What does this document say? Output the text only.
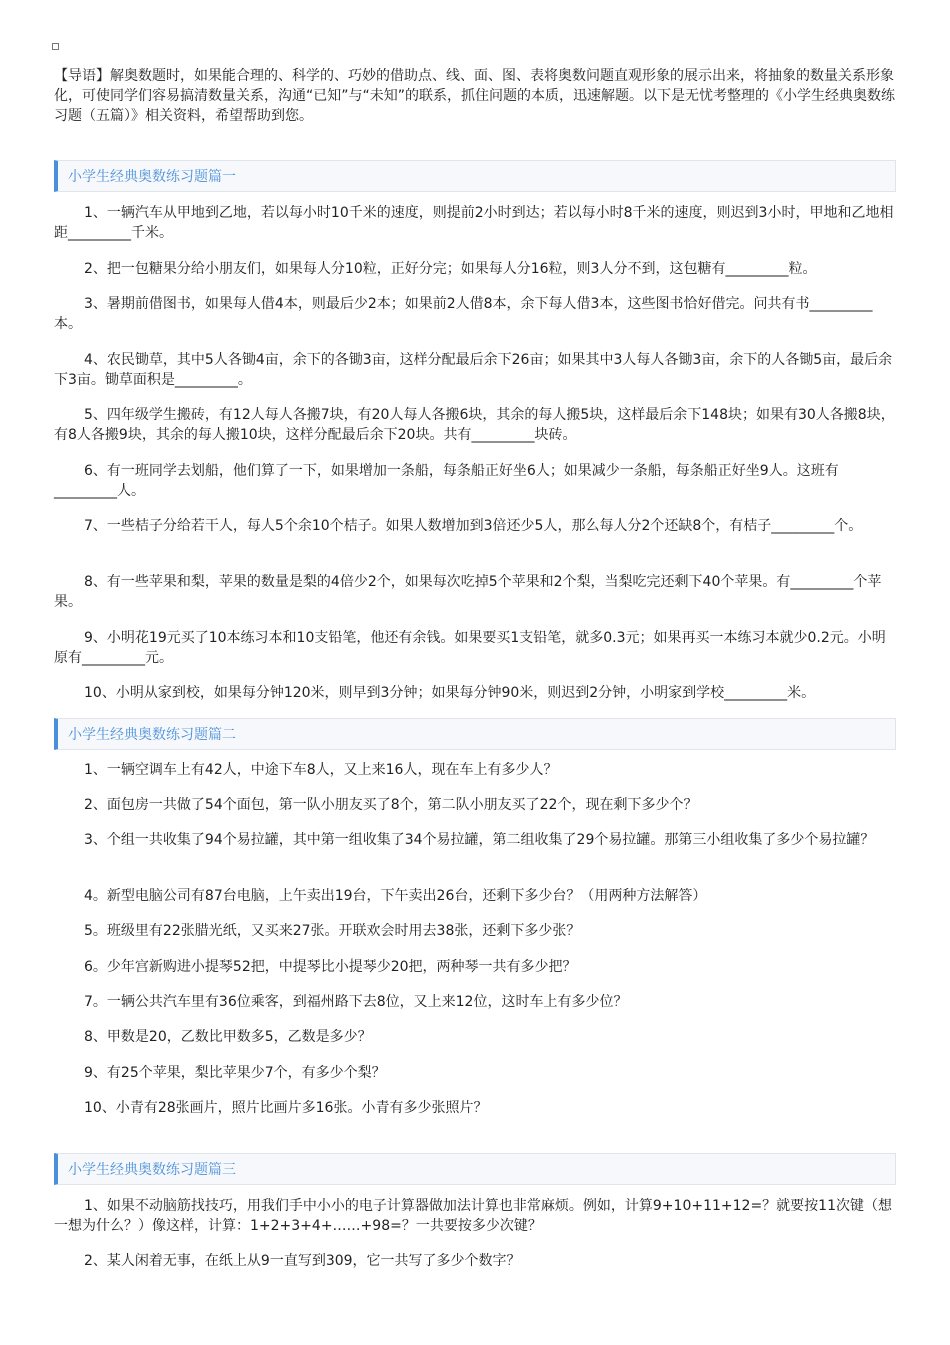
【导语】解奥数题时，如果能合理的、科学的、巧妙的借助点、线、面、图、表将奥数问题直观形象的展示出来，将抽象的数量关系形象化，可使同学们容易搞清数量关系，沟通“已知”与“未知”的联系，抓住问题的本质，迅速解题。以下是无忧考整理的《小学生经典奥数练习题（五篇）》相关资料，希望帮助到您。

小学生经典奥数练习题篇一

1、一辆汽车从甲地到乙地，若以每小时10千米的速度，则提前2小时到达；若以每小时8千米的速度，则迟到3小时，甲地和乙地相距_________千米。

2、把一包糖果分给小朋友们，如果每人分10粒，正好分完；如果每人分16粒，则3人分不到，这包糖有_________粒。

3、暑期前借图书，如果每人借4本，则最后少2本；如果前2人借8本，余下每人借3本，这些图书恰好借完。问共有书_________本。

4、农民锄草，其中5人各锄4亩，余下的各锄3亩，这样分配最后余下26亩；如果其中3人每人各锄3亩，余下的人各锄5亩，最后余下3亩。锄草面积是_________。

5、四年级学生搬砖，有12人每人各搬7块，有20人每人各搬6块，其余的每人搬5块，这样最后余下148块；如果有30人各搬8块，有8人各搬9块，其余的每人搬10块，这样分配最后余下20块。共有_________块砖。

6、有一班同学去划船，他们算了一下，如果增加一条船，每条船正好坐6人；如果减少一条船，每条船正好坐9人。这班有_________人。

7、一些桔子分给若干人，每人5个余10个桔子。如果人数增加到3倍还少5人，那么每人分2个还缺8个，有桔子_________个。

8、有一些苹果和梨，苹果的数量是梨的4倍少2个，如果每次吃掉5个苹果和2个梨，当梨吃完还剩下40个苹果。有_________个苹果。

9、小明花19元买了10本练习本和10支铅笔，他还有余钱。如果要买1支铅笔，就多0.3元；如果再买一本练习本就少0.2元。小明原有_________元。

10、小明从家到校，如果每分钟120米，则早到3分钟；如果每分钟90米，则迟到2分钟，小明家到学校_________米。

小学生经典奥数练习题篇二

1、一辆空调车上有42人，中途下车8人，又上来16人，现在车上有多少人？

2、面包房一共做了54个面包，第一队小朋友买了8个，第二队小朋友买了22个，现在剩下多少个？

3、个组一共收集了94个易拉罐，其中第一组收集了34个易拉罐，第二组收集了29个易拉罐。那第三小组收集了多少个易拉罐？

4。新型电脑公司有87台电脑，上午卖出19台，下午卖出26台，还剩下多少台？（用两种方法解答）

5。班级里有22张腊光纸，又买来27张。开联欢会时用去38张，还剩下多少张？

6。少年宫新购进小提琴52把，中提琴比小提琴少20把，两种琴一共有多少把？

7。一辆公共汽车里有36位乘客，到福州路下去8位，又上来12位，这时车上有多少位？

8、甲数是20，乙数比甲数多5，乙数是多少？

9、有25个苹果，梨比苹果少7个，有多少个梨？

10、小青有28张画片，照片比画片多16张。小青有多少张照片？

小学生经典奥数练习题篇三

1、如果不动脑筋找技巧，用我们手中小小的电子计算器做加法计算也非常麻烦。例如，计算9+10+11+12=？就要按11次键（想一想为什么？）像这样，计算：1+2+3+4+……+98=？一共要按多少次键？

2、某人闲着无事，在纸上从9一直写到309，它一共写了多少个数字？
